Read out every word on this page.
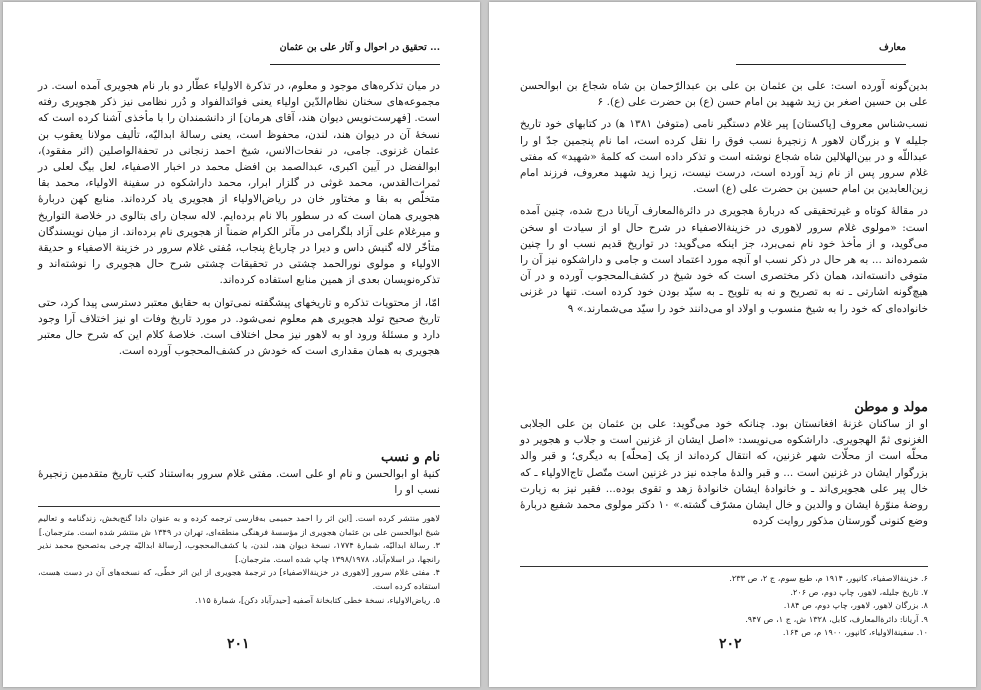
تحقیق در احوال و آثار علی بن عثمان ...

در میان تذکره‌های موجود و معلوم، در تذکرة الاولیاء عطّار دو بار نام هجویری آمده است. در مجموعه‌های سخنان نظام‌الدّین اولیاء یعنی فوائدالفواد و دُرر نظامی نیز ذکر هجویری رفته است. [فهرست‌نویس دیوان هند، آقای هرمان] از دانشمندان را با مأخذی آشنا کرده است که نسخهٔ آن در دیوان هند، لندن، محفوظ است، یعنی رسالهٔ ابدالیّه، تألیف مولانا یعقوب بن عثمان غزنوی. جامی، در نفحات‌الانس، شیخ احمد زنجانی در تحفة‌الواصلین (اثر مفقود)، ابوالفضل در آیین اکبری، عبدالصمد بن افضل محمد در اخبار الاصفیاء، لعل بیگ لعلی در ثمرات‌القدس، محمد غوثی در گلزار ابرار، محمد داراشکوه در سفینة الاولیاء، محمد بقا متخلّص به بقا و مختاور خان در ریاض‌الاولیاء از هجویری یاد کرده‌اند. منابع کهن دربارهٔ هجویری همان است که در سطور بالا نام برده‌ایم. لاله سجان رای بتالوی در خلاصة التواریخ و میرغلام علی آزاد بلگرامی در مآثر الکرام ضمناً از هجویری نام برده‌اند. از میان نویسندگان متأخّر لاله گنیش داس و دیرا در چارباغ پنجاب، مُفتی غلام سرور در خزینة الاصفیاء و حدیقة الاولیاء و مولوی نورالحمد چشتی در تحقیقات چشتی شرح حال هجویری را نوشته‌اند و تذکره‌نویسان بعدی از همین منابع استفاده کرده‌اند.

امّا، از محتویات تذکره و تاریخهای پیشگفته نمی‌توان به حقایق معتبر دسترسی پیدا کرد، حتی تاریخ صحیح تولد هجویری هم معلوم نمی‌شود. در مورد تاریخ وفات او نیز اختلاف آرا وجود دارد و مسئلهٔ ورود او به لاهور نیز محل اختلاف است. خلاصهٔ کلام این که شرح حال معتبر هجویری به همان مقداری است که خودش در کشف‌المحجوب آورده است.

نام و نسب
کنیهٔ او ابوالحسن و نام او علی است. مفتی غلام سرور به‌استناد کتب تاریخ متقدمین زنجیرهٔ نسب او را
لاهور منتشر کرده است. [این اثر را احمد حمیمی به‌فارسی ترجمه کرده و به عنوان دادا گنج‌بخش، زندگنامه و تعالیم شیخ ابوالحسن علی بن عثمان هجویری از مؤسسهٔ فرهنگی منطقه‌ای، تهران در ۱۳۴۹ ش منتشر شده است. مترجمان.]
۳. رسالهٔ ابدالیّه، شمارهٔ ۱۷۷۴، نسخهٔ دیوان هند، لندن، یا کشف‌المحجوب، [رسالهٔ ابدالیّه چرخی به‌تصحیح محمد نذیر رانجها، در اسلام‌آباد، ۱۳۹۸/۱۹۷۸ چاپ شده است. مترجمان.]
۴. مفتی غلام سرور [لاهوری در خزینة‌الاصفیاء] در ترجمهٔ هجویری از این اثر خطّی، که نسخه‌های آن در دست هست، استفاده کرده است.
۵. ریاض‌الاولیاء، نسخهٔ خطی کتابخانهٔ آصفیه [حیدرآباد دکن]، شمارهٔ ۱۱۵.
۲۰۱
معارف

بدین‌گونه آورده است: علی بن عثمان بن علی بن عبدالرّحمان بن شاه شجاع بن ابوالحسن علی بن حسین اصغر بن زید شهید بن امام حسن (ع) بن حضرت علی (ع). ۶

نسب‌شناس معروف [پاکستان] پیر غلام دستگیر نامی (متوفیٰ ۱۳۸۱ ﻫ) در کتابهای خود تاریخ جلیله ۷ و بزرگان لاهور ۸ زنجیرهٔ نسب فوق را نقل کرده است، اما نام پنجمین جدّ او را عبداللّه و در بین‌الهلالین شاه شجاع نوشته است و تذکر داده است که کلمهٔ «شهید» که مفتی غلام سرور پس از نام زید آورده است، درست نیست، زیرا زید شهید معروف، فرزند امام زین‌العابدین بن امام حسین بن حضرت علی (ع) است.

در مقالهٔ کوتاه و غیرتحقیقی که دربارهٔ هجویری در دائرة‌المعارف آریانا درج شده، چنین آمده است: «مولوی غلام سرور لاهوری در خزینة‌الاصفیاء در شرح حال او از سیادت او سخن می‌گوید، و از مأخذ خود نام نمی‌برد، جز اینکه می‌گوید: در تواریخ قدیم نسب او را چنین شمرده‌اند ... به هر حال در ذکر نسب او آنچه مورد اعتماد است و جامی و داراشکوه نیز آن را متوفی دانسته‌اند، همان ذکر مختصری است که خود شیخ در کشف‌المحجوب آورده و در آن هیچ‌گونه اشارتی ـ نه به تصریح و نه به تلویح ـ به سیّد بودن خود کرده است. تنها در غزنی خانواده‌ای که خود را به شیخ منسوب و اولاد او می‌دانند خود را سیّد می‌شمارند.» ۹

مولد و موطن
او از ساکنان غزنهٔ افغانستان بود. چنانکه خود می‌گوید: علی بن عثمان بن علی الجلابی الغزنوی ثمّ الهجویری. داراشکوه می‌نویسد: «اصل ایشان از غزنین است و جلاب و هجویر دو محلّه است از محلّات شهر غزنین، که انتقال کرده‌اند از یک [محلّه] به دیگری؛ و قبر والد بزرگوار ایشان در غزنین است ... و قبر والدهٔ ماجده نیز در غزنین است متّصل تاج‌الاولیاء ـ که خال پیر علی هجویری‌اند ـ و خانوادهٔ ایشان خانوادهٔ زهد و تقوی بوده... فقیر نیز به زیارت روضهٔ منوّرهٔ ایشان و والدین و خال ایشان مشرّف گشته.» ۱۰ دکتر مولوی محمد شفیع دربارهٔ وضع کنونی گورستان مذکور روایت کرده
۶. خزینة‌الاصفیاء، کانپور، ۱۹۱۴ م، طبع سوم، ج ۲، ص ۲۳۳.
۷. تاریخ جلیله، لاهور، چاپ دوم، ص ۲۰۶.
۸. بزرگان لاهور، لاهور، چاپ دوم، ص ۱۸۴.
۹. آریانا: دائرة‌المعارف، کابل، ۱۳۲۸ ش، ج ۱، ص ۹۴۷.
۱۰. سفینة‌الاولیاء، کانپور، ۱۹۰۰ م، ص ۱۶۴.
۲۰۲
